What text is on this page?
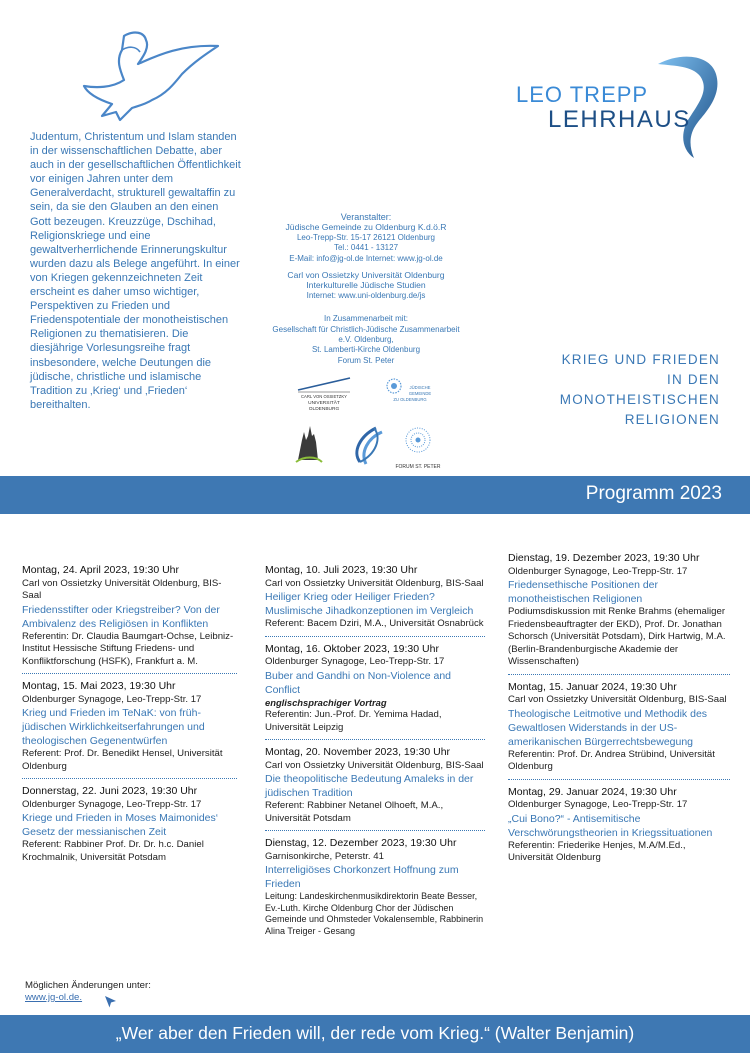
Judentum, Christentum und Islam standen in der wissenschaftlichen Debatte, aber auch in der gesellschaftlichen Öffentlichkeit vor einigen Jahren unter dem Generalverdacht, strukturell gewaltaffin zu sein, da sie den Glauben an den einen Gott bezeugen. Kreuzzüge, Dschihad, Religionskriege und eine gewaltverherrlichende Erinnerungskultur wurden dazu als Belege angeführt. In einer von Kriegen gekennzeichneten Zeit erscheint es daher umso wichtiger, Perspektiven zu Frieden und Friedenspotentiale der monotheistischen Religionen zu thematisieren. Die diesjährige Vorlesungsreihe fragt insbesondere, welche Deutungen die jüdische, christliche und islamische Tradition zu ‚Krieg‘ und ‚Frieden‘ bereithalten.
Veranstalter:
Jüdische Gemeinde zu Oldenburg K.d.ö.R
Leo-Trepp-Str. 15-17 26121 Oldenburg
Tel.: 0441 - 13127
E-Mail: info@jg-ol.de Internet: www.jg-ol.de
Carl von Ossietzky Universität Oldenburg
Interkulturelle Jüdische Studien
Internet: www.uni-oldenburg.de/js
In Zusammenarbeit mit:
Gesellschaft für Christlich-Jüdische Zusammenarbeit
e.V. Oldenburg,
St. Lamberti-Kirche Oldenburg
Forum St. Peter
CARL VON OSSIETZKY
UNIVERSITÄT
OLDENBURG
JÜDISCHE
GEMEINDE
ZU OLDENBURG
FORUM ST. PETER
LEO TREPP
LEHRHAUS
KRIEG UND FRIEDEN
IN DEN
MONOTHEISTISCHEN
RELIGIONEN
Programm 2023
Montag, 24. April 2023, 19:30 Uhr
Carl von Ossietzky Universität Oldenburg, BIS-Saal
Friedensstifter oder Kriegstreiber? Von der Ambivalenz des Religiösen in Konflikten
Referentin: Dr. Claudia Baumgart-Ochse, Leibniz-Institut Hessische Stiftung Friedens- und Konfliktforschung (HSFK), Frankfurt a. M.
Montag, 15. Mai 2023, 19:30 Uhr
Oldenburger Synagoge, Leo-Trepp-Str. 17
Krieg und Frieden im TeNaK: von früh-jüdischen Wirklichkeitserfahrungen und theologischen Gegenentwürfen
Referent: Prof. Dr. Benedikt Hensel, Universität Oldenburg
Donnerstag, 22. Juni 2023, 19:30 Uhr
Oldenburger Synagoge, Leo-Trepp-Str. 17
Kriege und Frieden in Moses Maimonides‘ Gesetz der messianischen Zeit
Referent: Rabbiner Prof. Dr. Dr. h.c. Daniel Krochmalnik, Universität Potsdam
Montag, 10. Juli 2023, 19:30 Uhr
Carl von Ossietzky Universität Oldenburg, BIS-Saal
Heiliger Krieg oder Heiliger Frieden? Muslimische Jihadkonzeptionen im Vergleich
Referent: Bacem Dziri, M.A., Universität Osnabrück
Montag, 16. Oktober 2023, 19:30 Uhr
Oldenburger Synagoge, Leo-Trepp-Str. 17
Buber and Gandhi on Non-Violence and Conflict
englischsprachiger Vortrag
Referentin: Jun.-Prof. Dr. Yemima Hadad, Universität Leipzig
Montag, 20. November 2023, 19:30 Uhr
Carl von Ossietzky Universität Oldenburg, BIS-Saal
Die theopolitische Bedeutung Amaleks in der jüdischen Tradition
Referent: Rabbiner Netanel Olhoeft, M.A., Universität Potsdam
Dienstag, 12. Dezember 2023, 19:30 Uhr
Garnisonkirche, Peterstr. 41
Interreligiöses Chorkonzert Hoffnung zum Frieden
Leitung: Landeskirchenmusikdirektorin Beate Besser, Ev.-Luth. Kirche Oldenburg Chor der Jüdischen Gemeinde und Ohmsteder Vokalensemble, Rabbinerin Alina Treiger - Gesang
Dienstag, 19. Dezember 2023, 19:30 Uhr
Oldenburger Synagoge, Leo-Trepp-Str. 17
Friedensethische Positionen der monotheistischen Religionen
Podiumsdiskussion mit Renke Brahms (ehemaliger Friedensbeauftragter der EKD), Prof. Dr. Jonathan Schorsch (Universität Potsdam), Dirk Hartwig, M.A. (Berlin-Brandenburgische Akademie der Wissenschaften)
Montag, 15. Januar 2024, 19:30 Uhr
Carl von Ossietzky Universität Oldenburg, BIS-Saal
Theologische Leitmotive und Methodik des Gewaltlosen Widerstands in der US-amerikanischen Bürgerrechtsbewegung
Referentin: Prof. Dr. Andrea Strübind, Universität Oldenburg
Montag, 29. Januar 2024, 19:30 Uhr
Oldenburger Synagoge, Leo-Trepp-Str. 17
„Cui Bono?“ - Antisemitische Verschwörungstheorien in Kriegssituationen
Referentin: Friederike Henjes, M.A/M.Ed., Universität Oldenburg
Möglichen Änderungen unter:
www.jg-ol.de.
„Wer aber den Frieden will, der rede vom Krieg.“ (Walter Benjamin)
